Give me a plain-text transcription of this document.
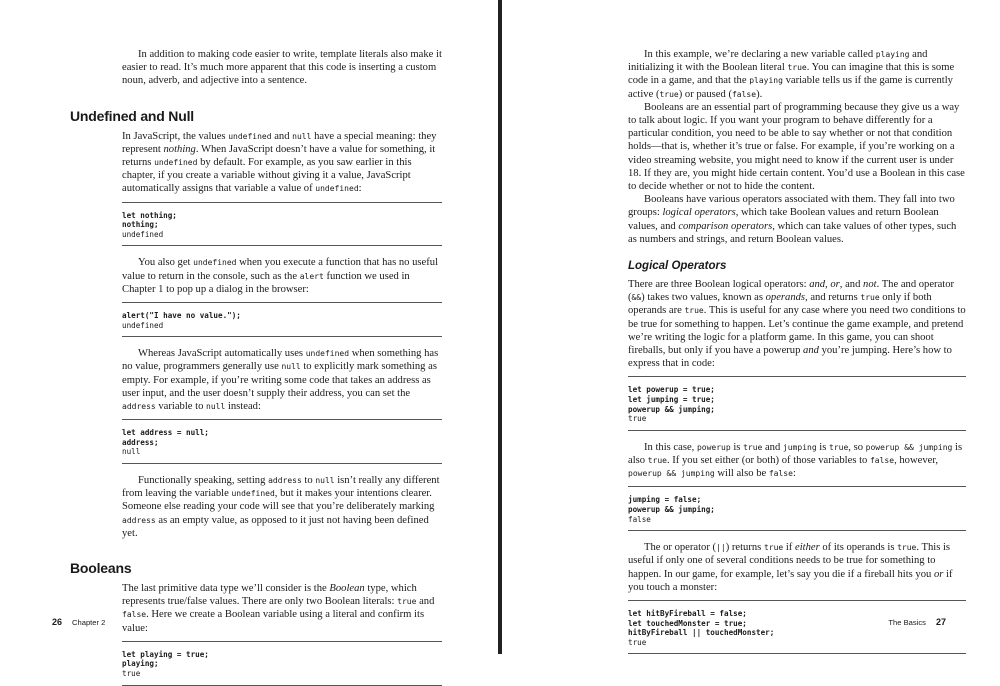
In addition to making code easier to write, template literals also make it easier to read. It’s much more apparent that this code is inserting a custom noun, adverb, and adjective into a sentence.

Undefined and Null

In JavaScript, the values undefined and null have a special meaning: they represent nothing. When JavaScript doesn’t have a value for something, it returns undefined by default. For example, as you saw earlier in this chapter, if you create a variable without giving it a value, JavaScript automatically assigns that variable a value of undefined:

let nothing;
nothing;
undefined

You also get undefined when you execute a function that has no useful value to return in the console, such as the alert function we used in Chapter 1 to pop up a dialog in the browser:

alert("I have no value.");
undefined

Whereas JavaScript automatically uses undefined when something has no value, programmers generally use null to explicitly mark something as empty. For example, if you’re writing some code that takes an address as user input, and the user doesn’t supply their address, you can set the address variable to null instead:

let address = null;
address;
null

Functionally speaking, setting address to null isn’t really any different from leaving the variable undefined, but it makes your intentions clearer. Someone else reading your code will see that you’re deliberately marking address as an empty value, as opposed to it just not having been defined yet.

Booleans

The last primitive data type we’ll consider is the Boolean type, which represents true/false values. There are only two Boolean literals: true and false. Here we create a Boolean variable using a literal and confirm its value:

let playing = true;
playing;
true
26 Chapter 2

In this example, we’re declaring a new variable called playing and initializing it with the Boolean literal true. You can imagine that this is some code in a game, and that the playing variable tells us if the game is currently active (true) or paused (false).

Booleans are an essential part of programming because they give us a way to talk about logic. If you want your program to behave differently for a particular condition, you need to be able to say whether or not that condition holds—that is, whether it’s true or false. For example, if you’re working on a video streaming website, you might need to know if the current user is under 18. If they are, you might hide certain content. You’d use a Boolean in this case to decide whether or not to hide the content.

Booleans have various operators associated with them. They fall into two groups: logical operators, which take Boolean values and return Boolean values, and comparison operators, which can take values of other types, such as numbers and strings, and return Boolean values.

Logical Operators

There are three Boolean logical operators: and, or, and not. The and operator (&&) takes two values, known as operands, and returns true only if both operands are true. This is useful for any case where you need two conditions to be true for something to happen. Let’s continue the game example, and pretend we’re writing the logic for a platform game. In this game, you can shoot fireballs, but only if you have a powerup and you’re jumping. Here’s how to express that in code:

let powerup = true;
let jumping = true;
powerup && jumping;
true

In this case, powerup is true and jumping is true, so powerup && jumping is also true. If you set either (or both) of those variables to false, however, powerup && jumping will also be false:

jumping = false;
powerup && jumping;
false

The or operator (||) returns true if either of its operands is true. This is useful if only one of several conditions needs to be true for something to happen. In our game, for example, let’s say you die if a fireball hits you or if you touch a monster:

let hitByFireball = false;
let touchedMonster = true;
hitByFireball || touchedMonster;
true
The Basics 27
